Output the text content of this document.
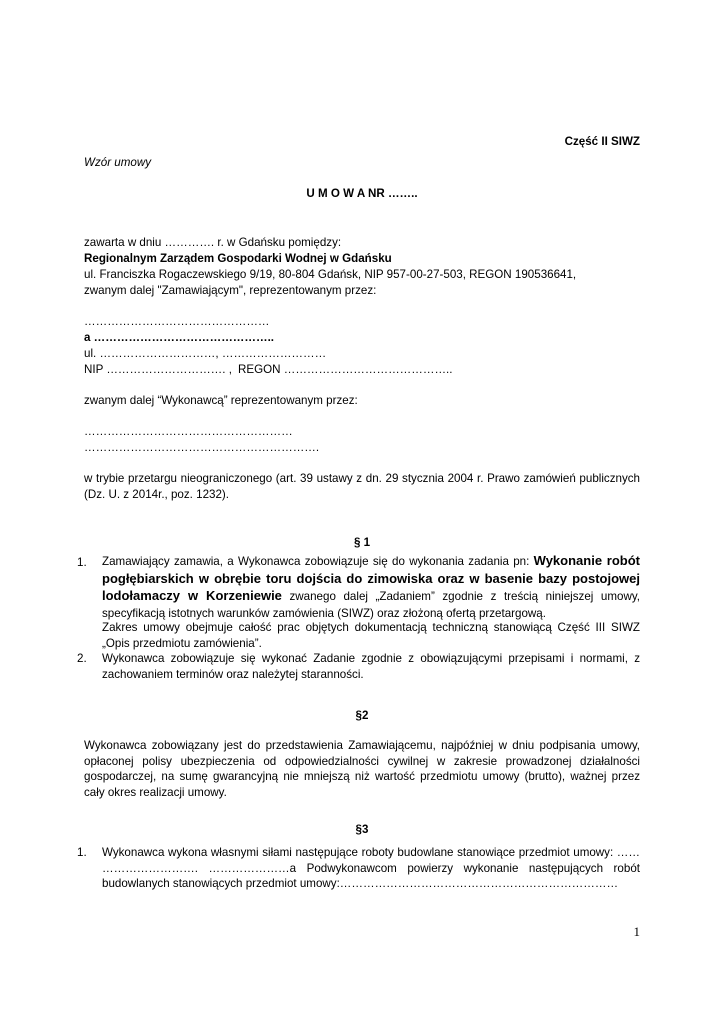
Część II SIWZ
Wzór umowy
U M O W A NR ……..
zawarta w dniu …………. r. w Gdańsku pomiędzy:
Regionalnym Zarządem Gospodarki Wodnej w Gdańsku
ul. Franciszka Rogaczewskiego 9/19, 80-804 Gdańsk, NIP 957-00-27-503, REGON 190536641,
zwanym dalej "Zamawiającym", reprezentowanym przez:
…………………………………………
a ………………………………………..
ul. …………………………, ………………………
NIP …………………………. , REGON ……………………………………..
zwanym dalej “Wykonawcą” reprezentowanym przez:
………………………………………………
…………………………………………………….
w trybie przetargu nieograniczonego (art. 39 ustawy z dn. 29 stycznia 2004 r. Prawo zamówień publicznych (Dz. U. z 2014r., poz. 1232).
§ 1
1. Zamawiający zamawia, a Wykonawca zobowiązuje się do wykonania zadania pn: Wykonanie robót pogłębiarskich w obrębie toru dojścia do zimowiska oraz w basenie bazy postojowej lodołamaczy w Korzeniewie zwanego dalej „Zadaniem” zgodnie z treścią niniejszej umowy, specyfikacją istotnych warunków zamówienia (SIWZ) oraz złożoną ofertą przetargową.
Zakres umowy obejmuje całość prac objętych dokumentacją techniczną stanowiącą Część III SIWZ „Opis przedmiotu zamówienia”.
2. Wykonawca zobowiązuje się wykonać Zadanie zgodnie z obowiązującymi przepisami i normami, z zachowaniem terminów oraz należytej staranności.
§2
Wykonawca zobowiązany jest do przedstawienia Zamawiającemu, najpóźniej w dniu podpisania umowy, opłaconej polisy ubezpieczenia od odpowiedzialności cywilnej w zakresie prowadzonej działalności gospodarczej, na sumę gwarancyjną nie mniejszą niż wartość przedmiotu umowy (brutto), ważnej przez cały okres realizacji umowy.
§3
1. Wykonawca wykona własnymi siłami następujące roboty budowlane stanowiące przedmiot umowy: …… ……………………. …………………a Podwykonawcom powierzy wykonanie następujących robót budowlanych stanowiących przedmiot umowy:………………………………………………………………
1
